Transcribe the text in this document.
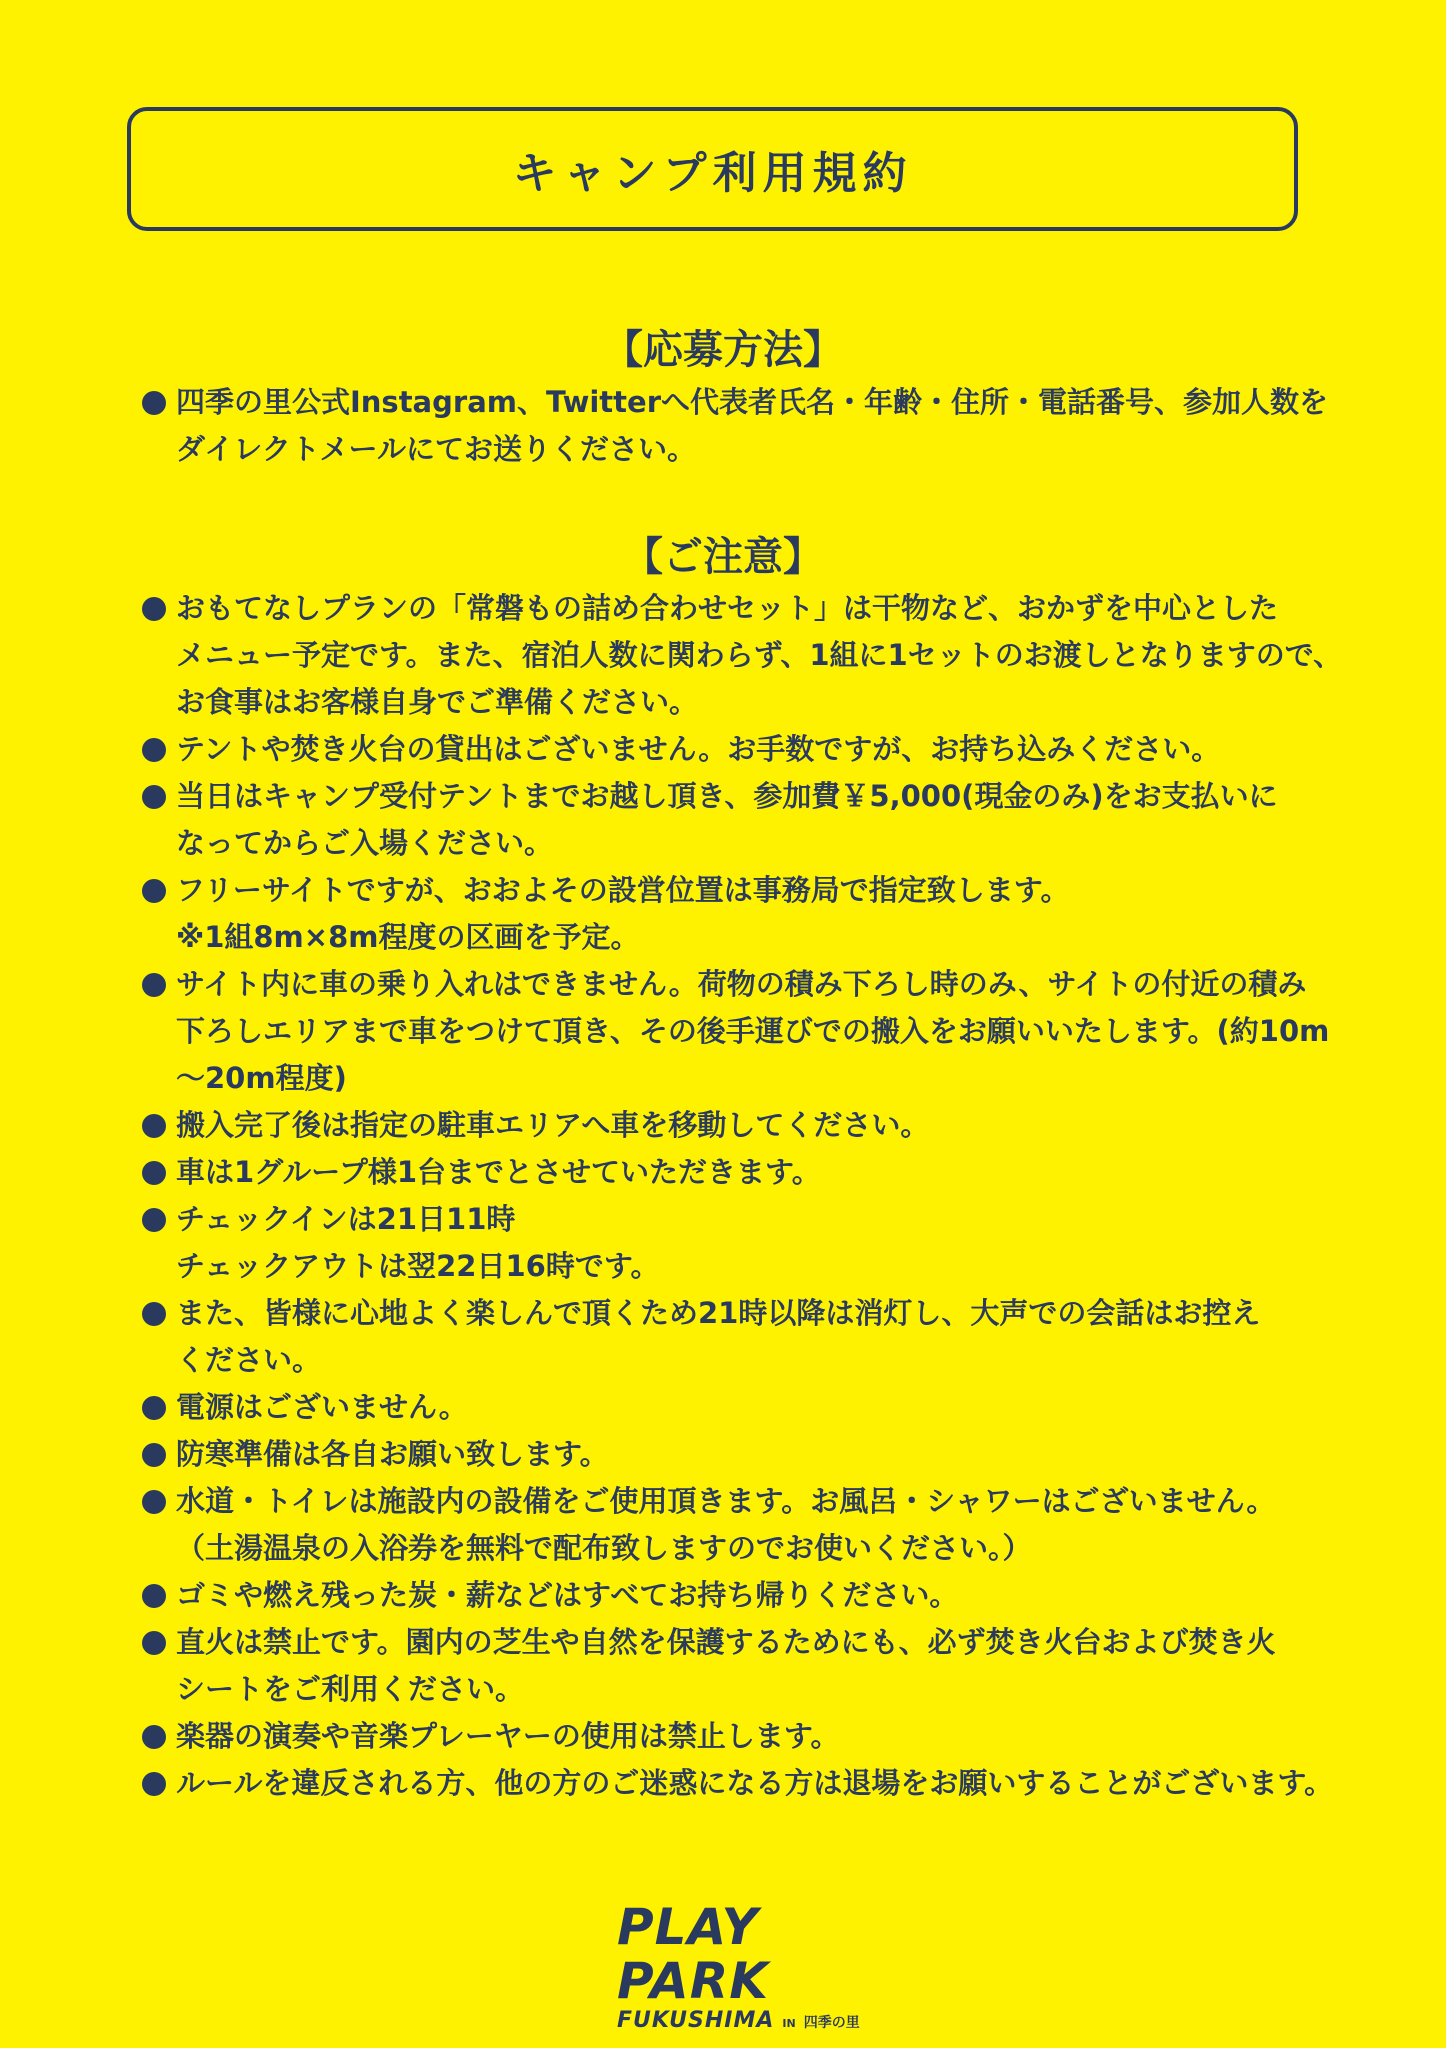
キャンプ利用規約
【応募方法】
四季の里公式Instagram、Twitterへ代表者氏名・年齢・住所・電話番号、参加人数を
ダイレクトメールにてお送りください。
【ご注意】
おもてなしプランの「常磐もの詰め合わせセット」は干物など、おかずを中心とした
メニュー予定です。また、宿泊人数に関わらず、1組に1セットのお渡しとなりますので、
お食事はお客様自身でご準備ください。
テントや焚き火台の貸出はございません。お手数ですが、お持ち込みください。
当日はキャンプ受付テントまでお越し頂き、参加費￥5,000(現金のみ)をお支払いに
なってからご入場ください。
フリーサイトですが、おおよその設営位置は事務局で指定致します。
※1組8m×8m程度の区画を予定。
サイト内に車の乗り入れはできません。荷物の積み下ろし時のみ、サイトの付近の積み
下ろしエリアまで車をつけて頂き、その後手運びでの搬入をお願いいたします。(約10m
～20m程度)
搬入完了後は指定の駐車エリアへ車を移動してください。
車は1グループ様1台までとさせていただきます。
チェックインは21日11時
チェックアウトは翌22日16時です。
また、皆様に心地よく楽しんで頂くため21時以降は消灯し、大声での会話はお控え
ください。
電源はございません。
防寒準備は各自お願い致します。
水道・トイレは施設内の設備をご使用頂きます。お風呂・シャワーはございません。
（土湯温泉の入浴券を無料で配布致しますのでお使いください。）
ゴミや燃え残った炭・薪などはすべてお持ち帰りください。
直火は禁止です。園内の芝生や自然を保護するためにも、必ず焚き火台および焚き火
シートをご利用ください。
楽器の演奏や音楽プレーヤーの使用は禁止します。
ルールを違反される方、他の方のご迷惑になる方は退場をお願いすることがございます。
PLAY PARK
FUKUSHIMA IN 四季の里
